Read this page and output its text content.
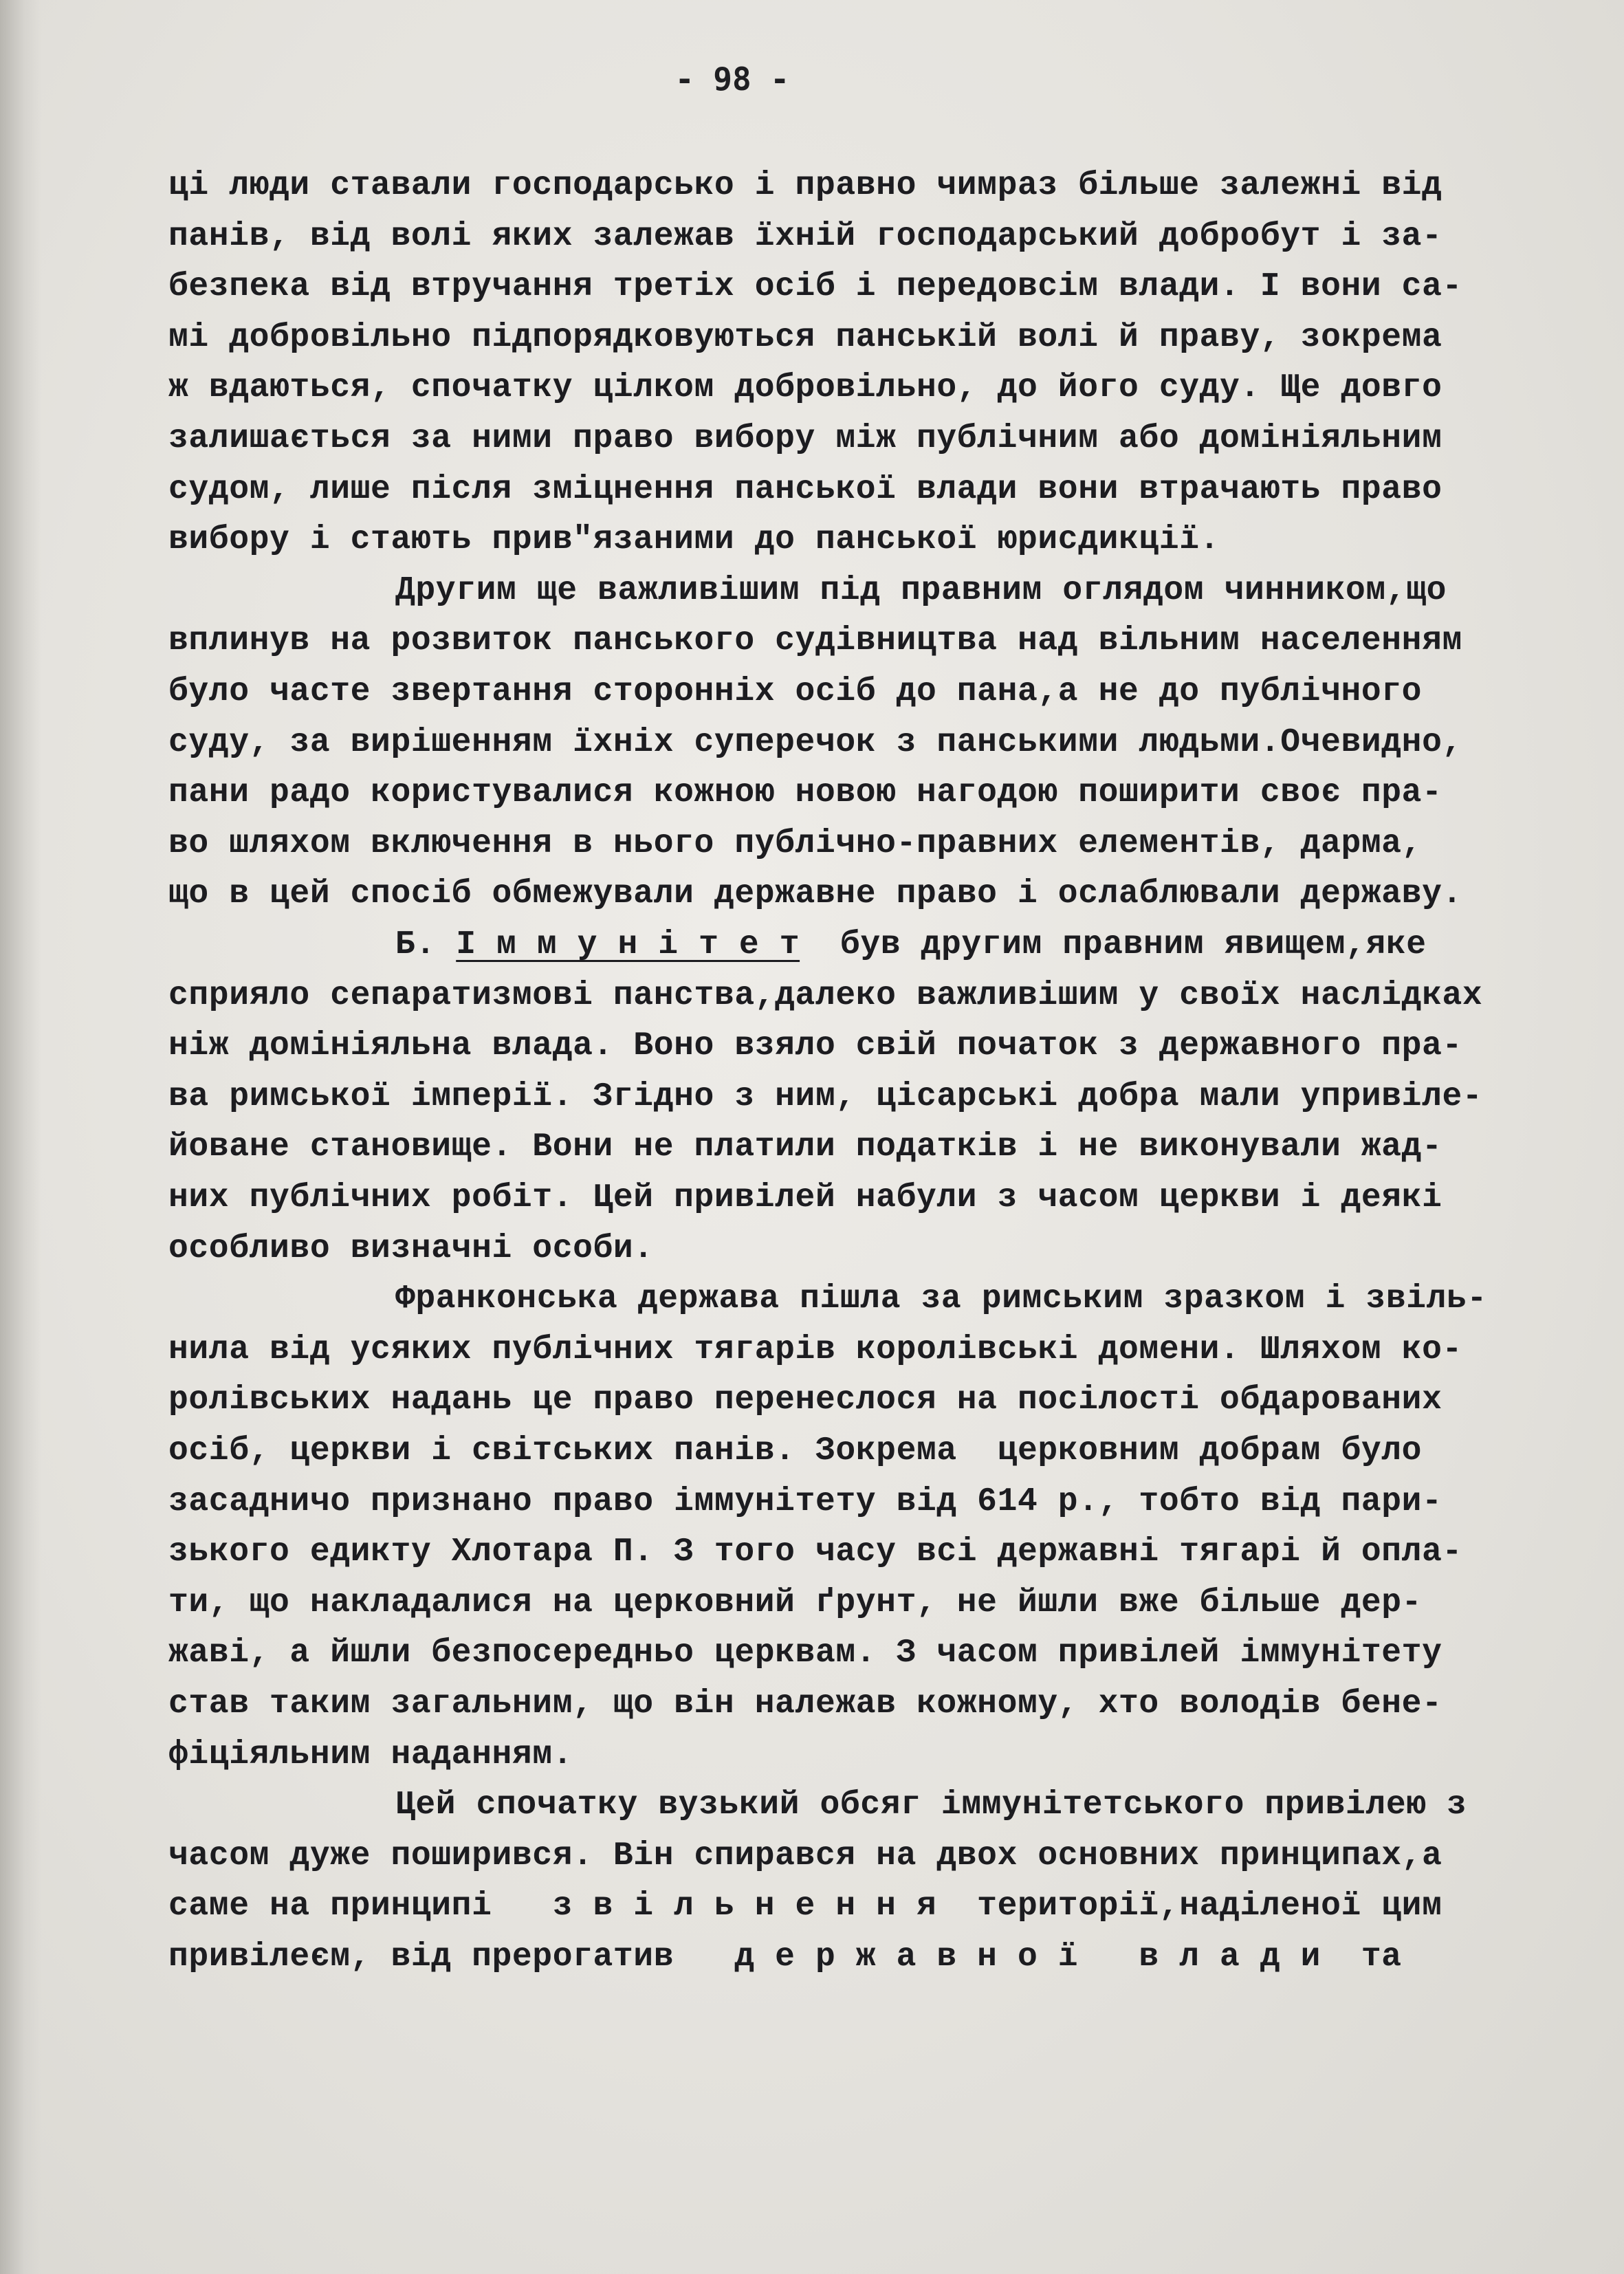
- 98 -
ці люди ставали господарсько і правно чимраз більше залежні від
панів, від волі яких залежав їхній господарський добробут і за-
безпека від втручання третіх осіб і передовсім влади. І вони са-
мі добровільно підпорядковуються панській волі й праву, зокрема
ж вдаються, спочатку цілком добровільно, до його суду. Ще довго
залишається за ними право вибору між публічним або домініяльним
судом, лише після зміцнення панської влади вони втрачають право
вибору і стають прив"язаними до панської юрисдикції.
Другим ще важливішим під правним оглядом чинником,що
вплинув на розвиток панського судівництва над вільним населенням
було часте звертання сторонніх осіб до пана,а не до публічного
суду, за вирішенням їхніх суперечок з панськими людьми.Очевидно,
пани радо користувалися кожною новою нагодою поширити своє пра-
во шляхом включення в нього публічно-правних елементів, дарма,
що в цей спосіб обмежували державне право і ослаблювали державу.
Б. І м м у н і т е т  був другим правним явищем,яке
сприяло сепаратизмові панства,далеко важливішим у своїх наслідках
ніж домініяльна влада. Воно взяло свій початок з державного пра-
ва римської імперії. Згідно з ним, цісарські добра мали упривіле-
йоване становище. Вони не платили податків і не виконували жад-
них публічних робіт. Цей привілей набули з часом церкви і деякі
особливо визначні особи.
Франконська держава пішла за римським зразком і звіль-
нила від усяких публічних тягарів королівські домени. Шляхом ко-
ролівських надань це право перенеслося на посілості обдарованих
осіб, церкви і світських панів. Зокрема  церковним добрам було
засадничо признано право іммунітету від 614 р., тобто від пари-
зького едикту Хлотара П. З того часу всі державні тягарі й опла-
ти, що накладалися на церковний ґрунт, не йшли вже більше дер-
жаві, а йшли безпосередньо церквам. З часом привілей іммунітету
став таким загальним, що він належав кожному, хто володів бене-
фіціяльним наданням.
Цей спочатку вузький обсяг іммунітетського привілею з
часом дуже поширився. Він спирався на двох основних принципах,а
саме на принципі   з в і л ь н е н н я  території,наділеної цим
привілеєм, від прерогатив   д е р ж а в н о ї   в л а д и  та
